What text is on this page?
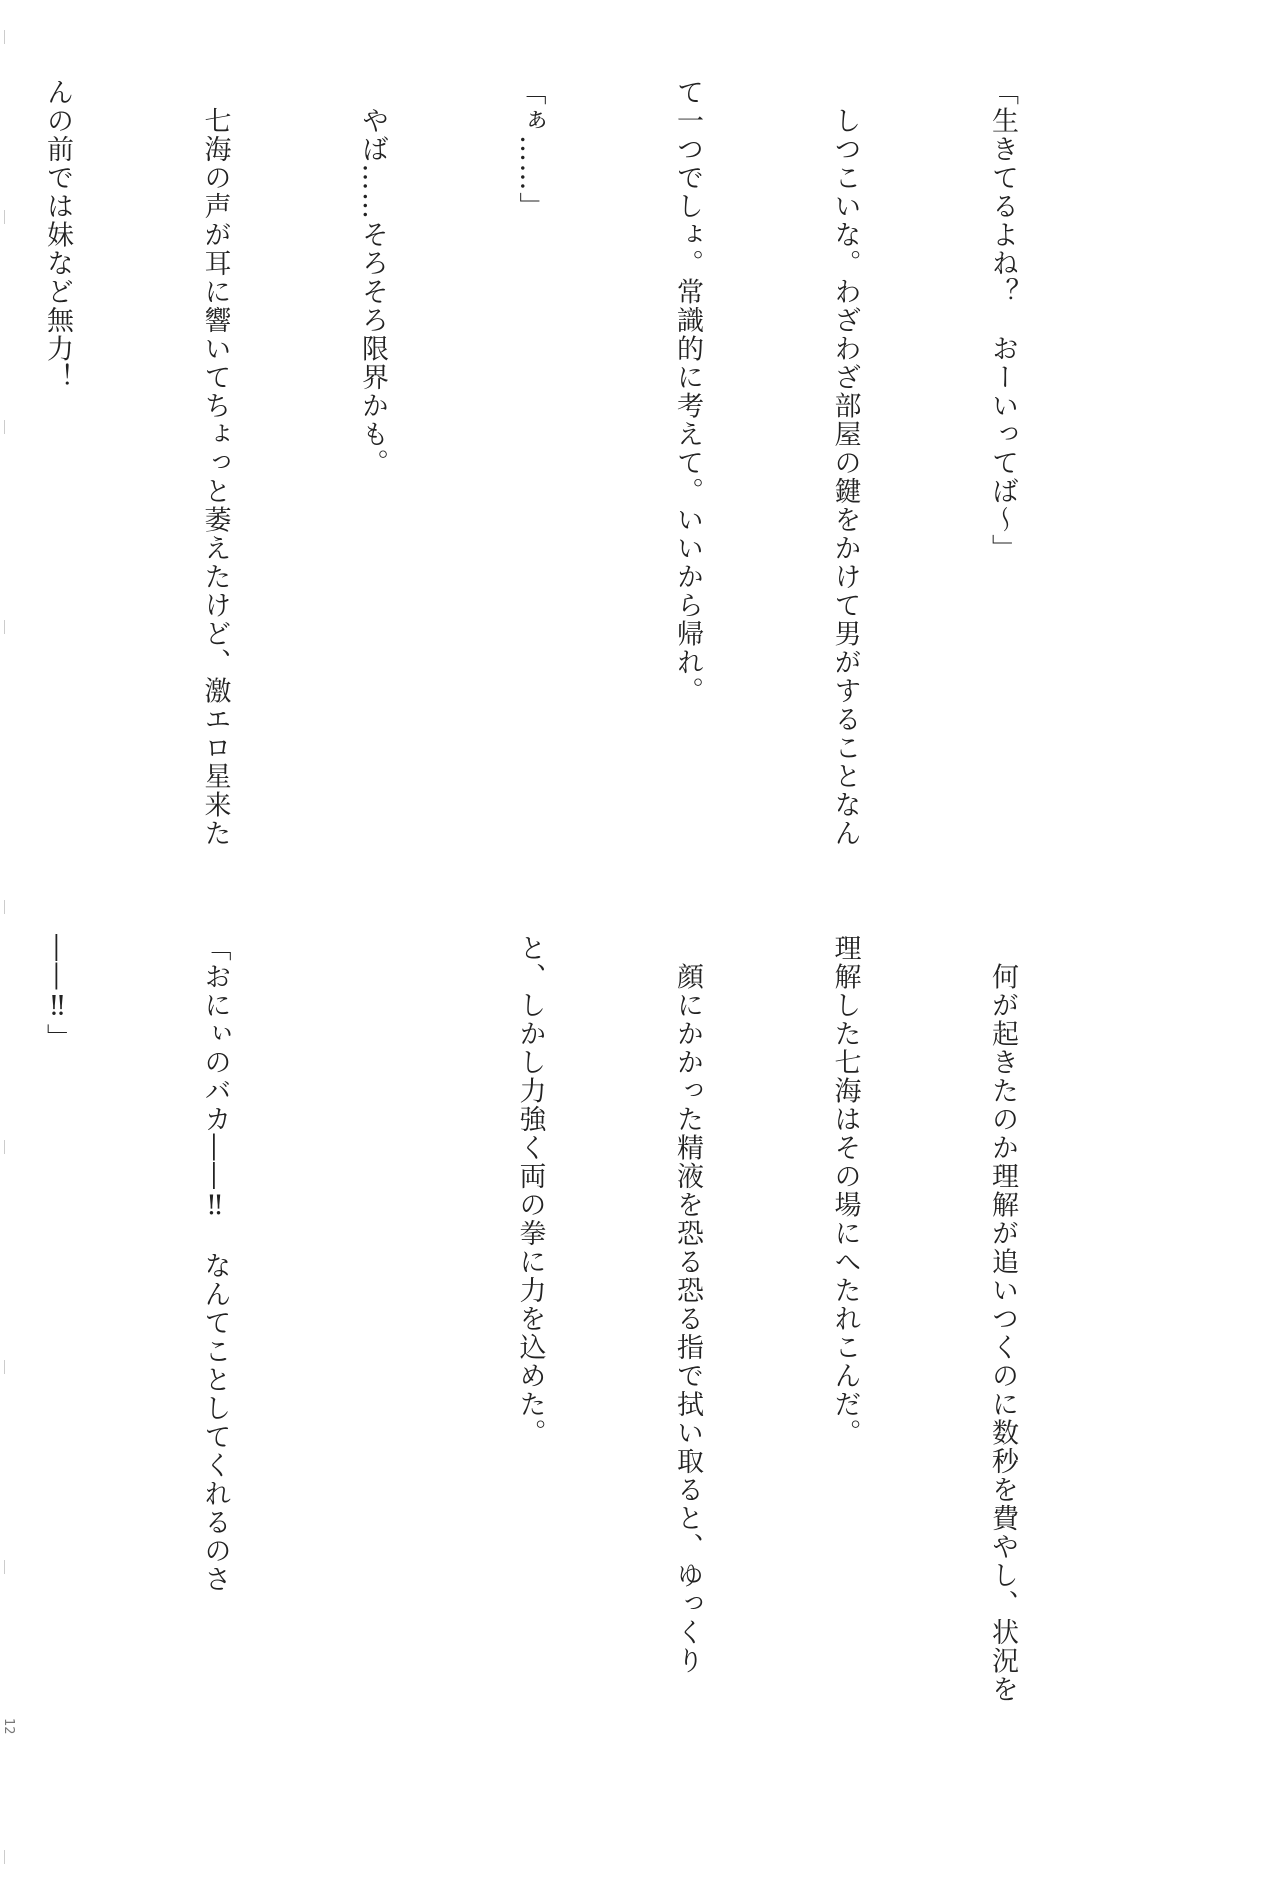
「生きてるよね？　おーいってば〜」

　しつこいな。わざわざ部屋の鍵をかけて男がすることなん

て一つでしょ。常識的に考えて。いいから帰れ。

「ぁ……」

　やば……そろそろ限界かも。

　七海の声が耳に響いてちょっと萎えたけど、激エロ星来た

んの前では妹など無力！

　何が起きたのか理解が追いつくのに数秒を費やし、状況を

理解した七海はその場にへたれこんだ。

　顔にかかった精液を恐る恐る指で拭い取ると、ゆっくり

と、しかし力強く両の拳に力を込めた。

「おにぃのバカ――‼　なんてことしてくれるのさ

――‼」

12
